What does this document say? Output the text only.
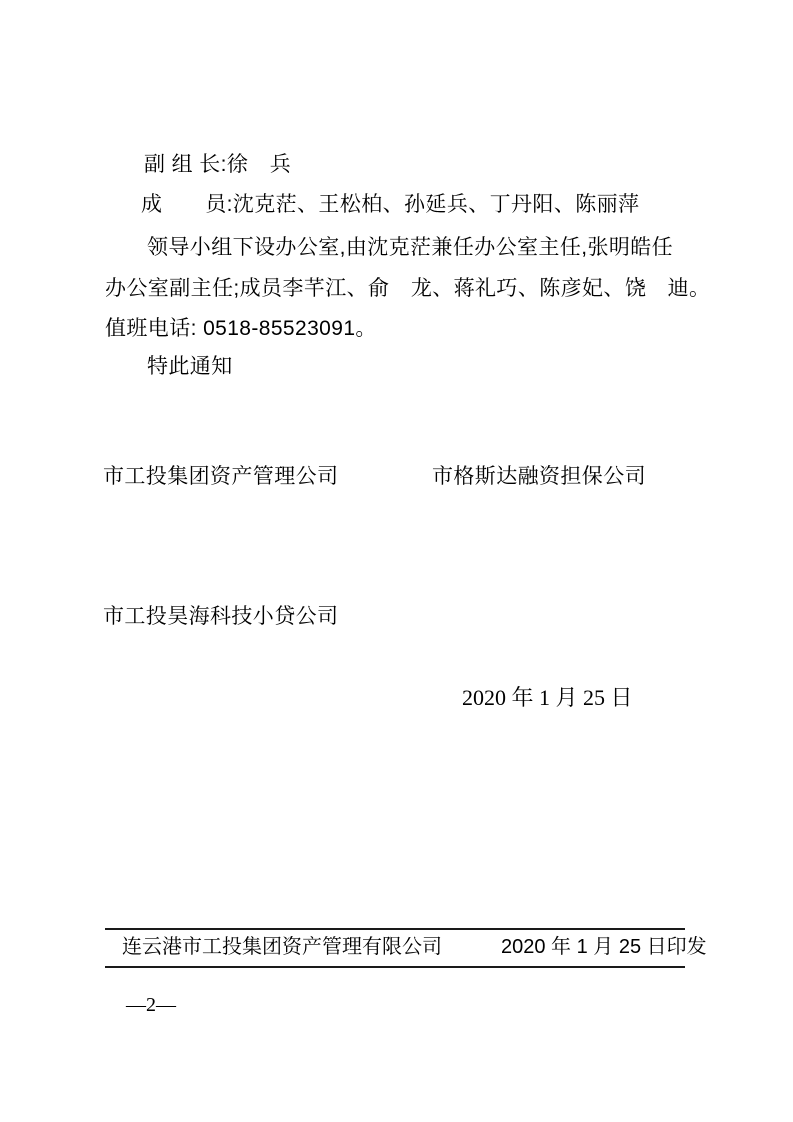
副 组 长:徐　兵
成　　员:沈克茫、王松柏、孙延兵、丁丹阳、陈丽萍
领导小组下设办公室,由沈克茫兼任办公室主任,张明皓任
办公室副主任;成员李芊江、俞　龙、蒋礼巧、陈彦妃、饶　迪。
值班电话: 0518-85523091。
特此通知
市工投集团资产管理公司	市格斯达融资担保公司
市工投昊海科技小贷公司
2020 年 1 月 25 日
连云港市工投集团资产管理有限公司	2020 年 1 月 25 日印发
—2—
